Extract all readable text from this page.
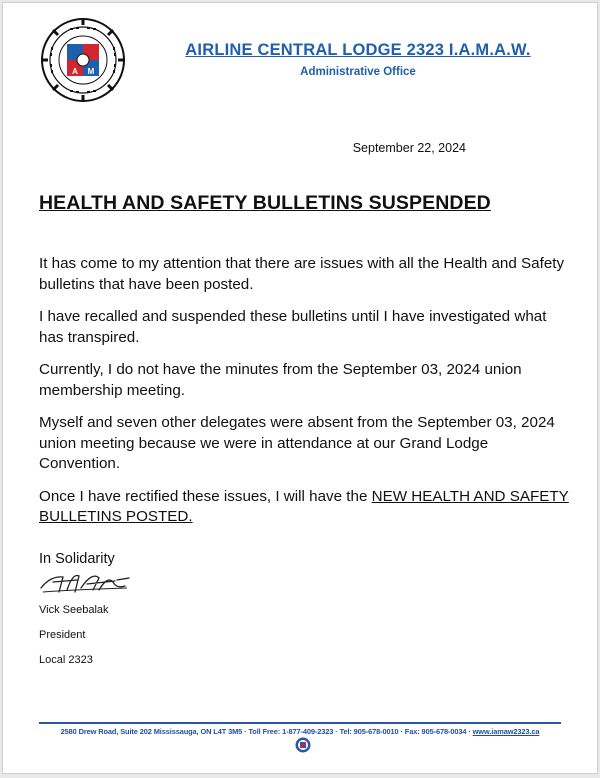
A M
AIRLINE CENTRAL LODGE 2323 I.A.M.A.W.
Administrative Office
September 22, 2024
HEALTH AND SAFETY BULLETINS SUSPENDED

It has come to my attention that there are issues with all the Health and Safety bulletins that have been posted.

I have recalled and suspended these bulletins until I have investigated what has transpired.

Currently, I do not have the minutes from the September 03, 2024 union membership meeting.

Myself and seven other delegates were absent from the September 03, 2024 union meeting because we were in attendance at our Grand Lodge Convention.

Once I have rectified these issues, I will have the NEW HEALTH AND SAFETY BULLETINS POSTED.

In Solidarity
Vick Seebalak
President
Local 2323
2580 Drew Road, Suite 202 Mississauga, ON L4T 3M5 · Toll Free: 1-877-409-2323 · Tel: 905-678-0010 · Fax: 905-678-0034 · www.iamaw2323.ca
